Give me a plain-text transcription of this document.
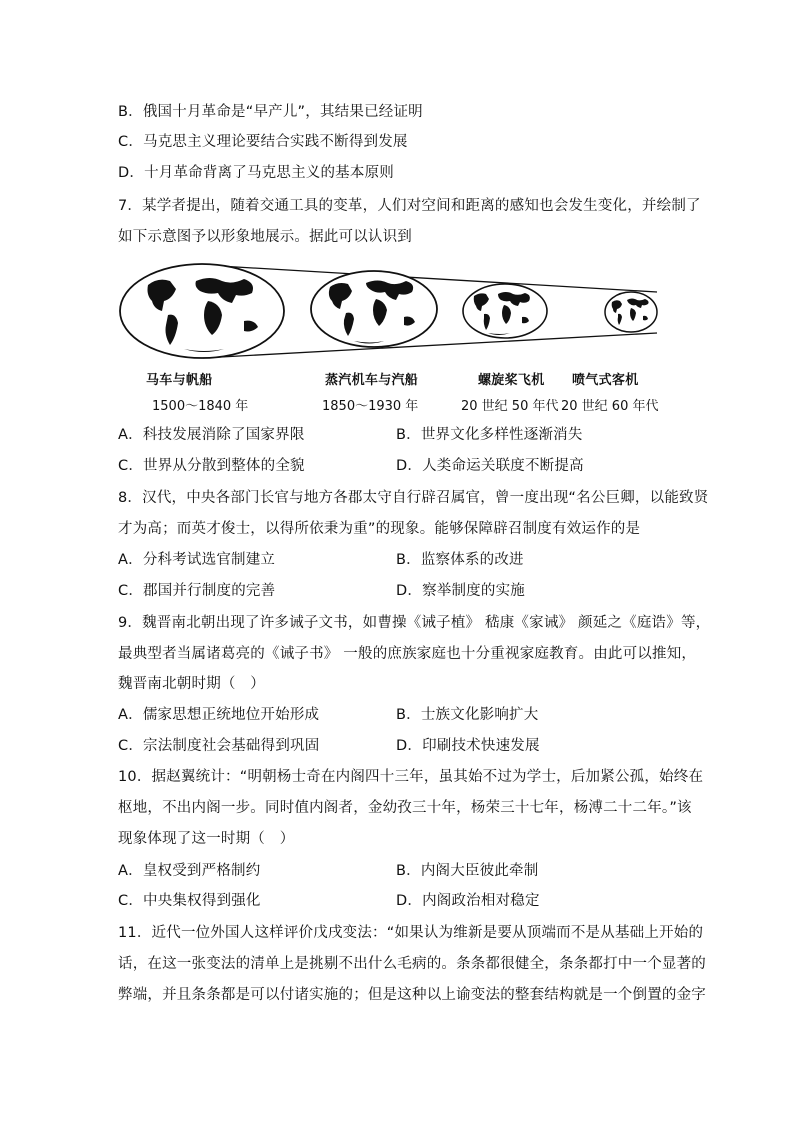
B．俄国十月革命是“早产儿”，其结果已经证明
C．马克思主义理论要结合实践不断得到发展
D．十月革命背离了马克思主义的基本原则
7．某学者提出，随着交通工具的变革，人们对空间和距离的感知也会发生变化，并绘制了
如下示意图予以形象地展示。据此可以认识到
马车与帆船	蒸汽机车与汽船	螺旋桨飞机 喷气式客机
1500～1840 年	1850～1930 年	20 世纪 50 年代 20 世纪 60 年代
A．科技发展消除了国家界限	B．世界文化多样性逐渐消失
C．世界从分散到整体的全貌	D．人类命运关联度不断提高
8．汉代，中央各部门长官与地方各郡太守自行辟召属官，曾一度出现“名公巨卿，以能致贤
才为高；而英才俊士，以得所依秉为重”的现象。能够保障辟召制度有效运作的是
A．分科考试选官制建立	B．监察体系的改进
C．郡国并行制度的完善	D．察举制度的实施
9．魏晋南北朝出现了许多诫子文书，如曹操《诫子植》 嵇康《家诫》 颜延之《庭诰》等，
最典型者当属诸葛亮的《诫子书》 一般的庶族家庭也十分重视家庭教育。由此可以推知，
魏晋南北朝时期（　）
A．儒家思想正统地位开始形成	B．士族文化影响扩大
C．宗法制度社会基础得到巩固	D．印刷技术快速发展
10．据赵翼统计：“明朝杨士奇在内阁四十三年，虽其始不过为学士，后加紧公孤，始终在
枢地，不出内阁一步。同时值内阁者，金幼孜三十年，杨荣三十七年，杨溥二十二年。”该
现象体现了这一时期（　）
A．皇权受到严格制约	B．内阁大臣彼此牵制
C．中央集权得到强化	D．内阁政治相对稳定
11．近代一位外国人这样评价戊戌变法：“如果认为维新是要从顶端而不是从基础上开始的
话，在这一张变法的清单上是挑剔不出什么毛病的。条条都很健全，条条都打中一个显著的
弊端，并且条条都是可以付诸实施的；但是这种以上谕变法的整套结构就是一个倒置的金字
